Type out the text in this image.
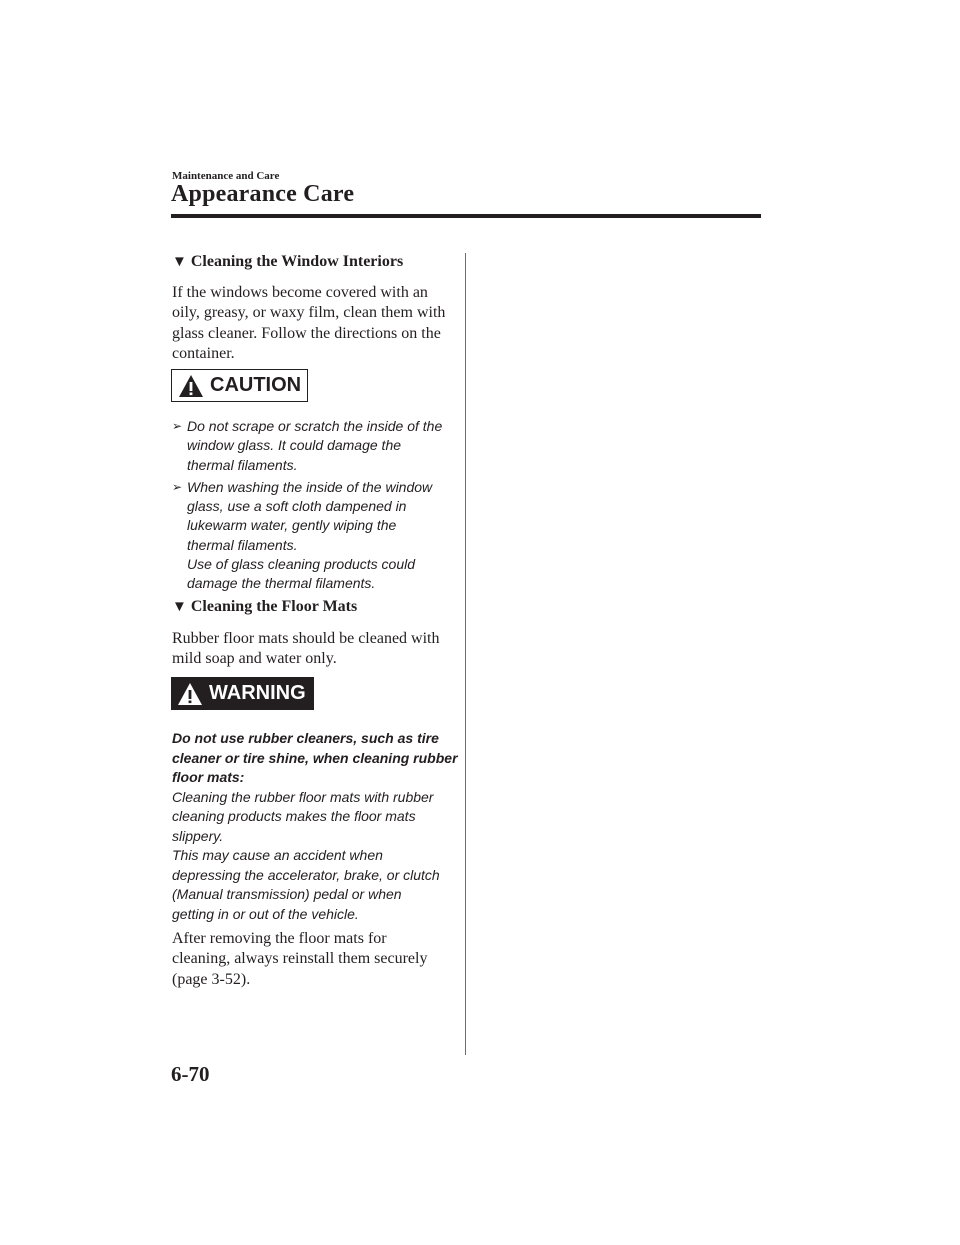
Maintenance and Care
Appearance Care
▼ Cleaning the Window Interiors
If the windows become covered with an
oily, greasy, or waxy film, clean them with
glass cleaner. Follow the directions on the
container.
CAUTION
➢ Do not scrape or scratch the inside of the
window glass. It could damage the
thermal filaments.
➢ When washing the inside of the window
glass, use a soft cloth dampened in
lukewarm water, gently wiping the
thermal filaments.
Use of glass cleaning products could
damage the thermal filaments.
▼ Cleaning the Floor Mats
Rubber floor mats should be cleaned with
mild soap and water only.
WARNING
Do not use rubber cleaners, such as tire
cleaner or tire shine, when cleaning rubber
floor mats:
Cleaning the rubber floor mats with rubber
cleaning products makes the floor mats
slippery.
This may cause an accident when
depressing the accelerator, brake, or clutch
(Manual transmission) pedal or when
getting in or out of the vehicle.
After removing the floor mats for
cleaning, always reinstall them securely
(page 3-52).
6-70
